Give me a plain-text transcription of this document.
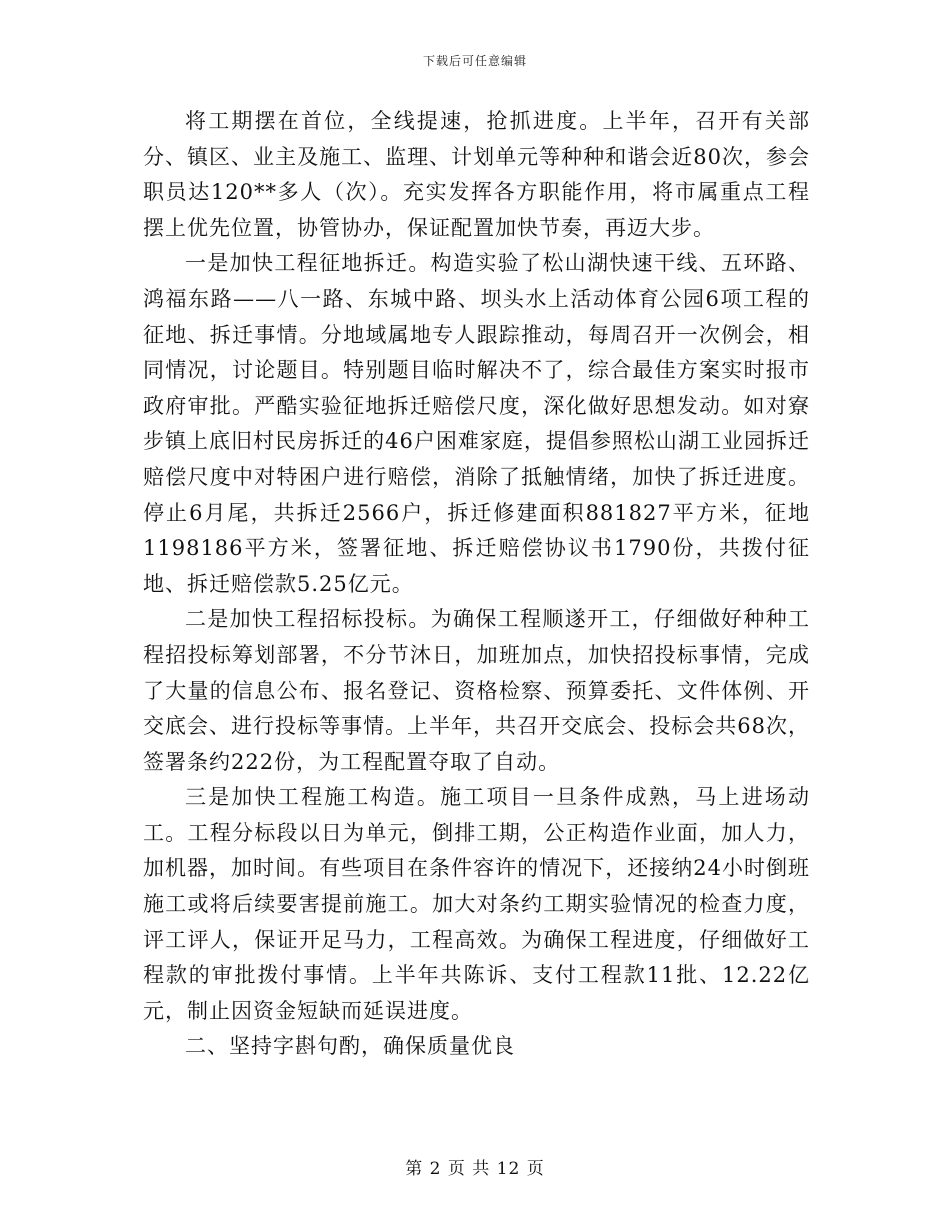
下载后可任意编辑

将工期摆在首位，全线提速，抢抓进度。上半年，召开有关部分、镇区、业主及施工、监理、计划单元等种种和谐会近80次，参会职员达120**多人（次）。充实发挥各方职能作用，将市属重点工程摆上优先位置，协管协办，保证配置加快节奏，再迈大步。

一是加快工程征地拆迁。构造实验了松山湖快速干线、五环路、鸿福东路——八一路、东城中路、坝头水上活动体育公园6项工程的征地、拆迁事情。分地域属地专人跟踪推动，每周召开一次例会，相同情况，讨论题目。特别题目临时解决不了，综合最佳方案实时报市政府审批。严酷实验征地拆迁赔偿尺度，深化做好思想发动。如对寮步镇上底旧村民房拆迁的46户困难家庭，提倡参照松山湖工业园拆迁赔偿尺度中对特困户进行赔偿，消除了抵触情绪，加快了拆迁进度。停止6月尾，共拆迁2566户，拆迁修建面积881827平方米，征地1198186平方米，签署征地、拆迁赔偿协议书1790份，共拨付征地、拆迁赔偿款5.25亿元。

二是加快工程招标投标。为确保工程顺遂开工，仔细做好种种工程招投标筹划部署，不分节沐日，加班加点，加快招投标事情，完成了大量的信息公布、报名登记、资格检察、预算委托、文件体例、开交底会、进行投标等事情。上半年，共召开交底会、投标会共68次，签署条约222份，为工程配置夺取了自动。

三是加快工程施工构造。施工项目一旦条件成熟，马上进场动工。工程分标段以日为单元，倒排工期，公正构造作业面，加人力，加机器，加时间。有些项目在条件容许的情况下，还接纳24小时倒班施工或将后续要害提前施工。加大对条约工期实验情况的检查力度，评工评人，保证开足马力，工程高效。为确保工程进度，仔细做好工程款的审批拨付事情。上半年共陈诉、支付工程款11批、12.22亿元，制止因资金短缺而延误进度。

二、坚持字斟句酌，确保质量优良

第 2 页 共 12 页
